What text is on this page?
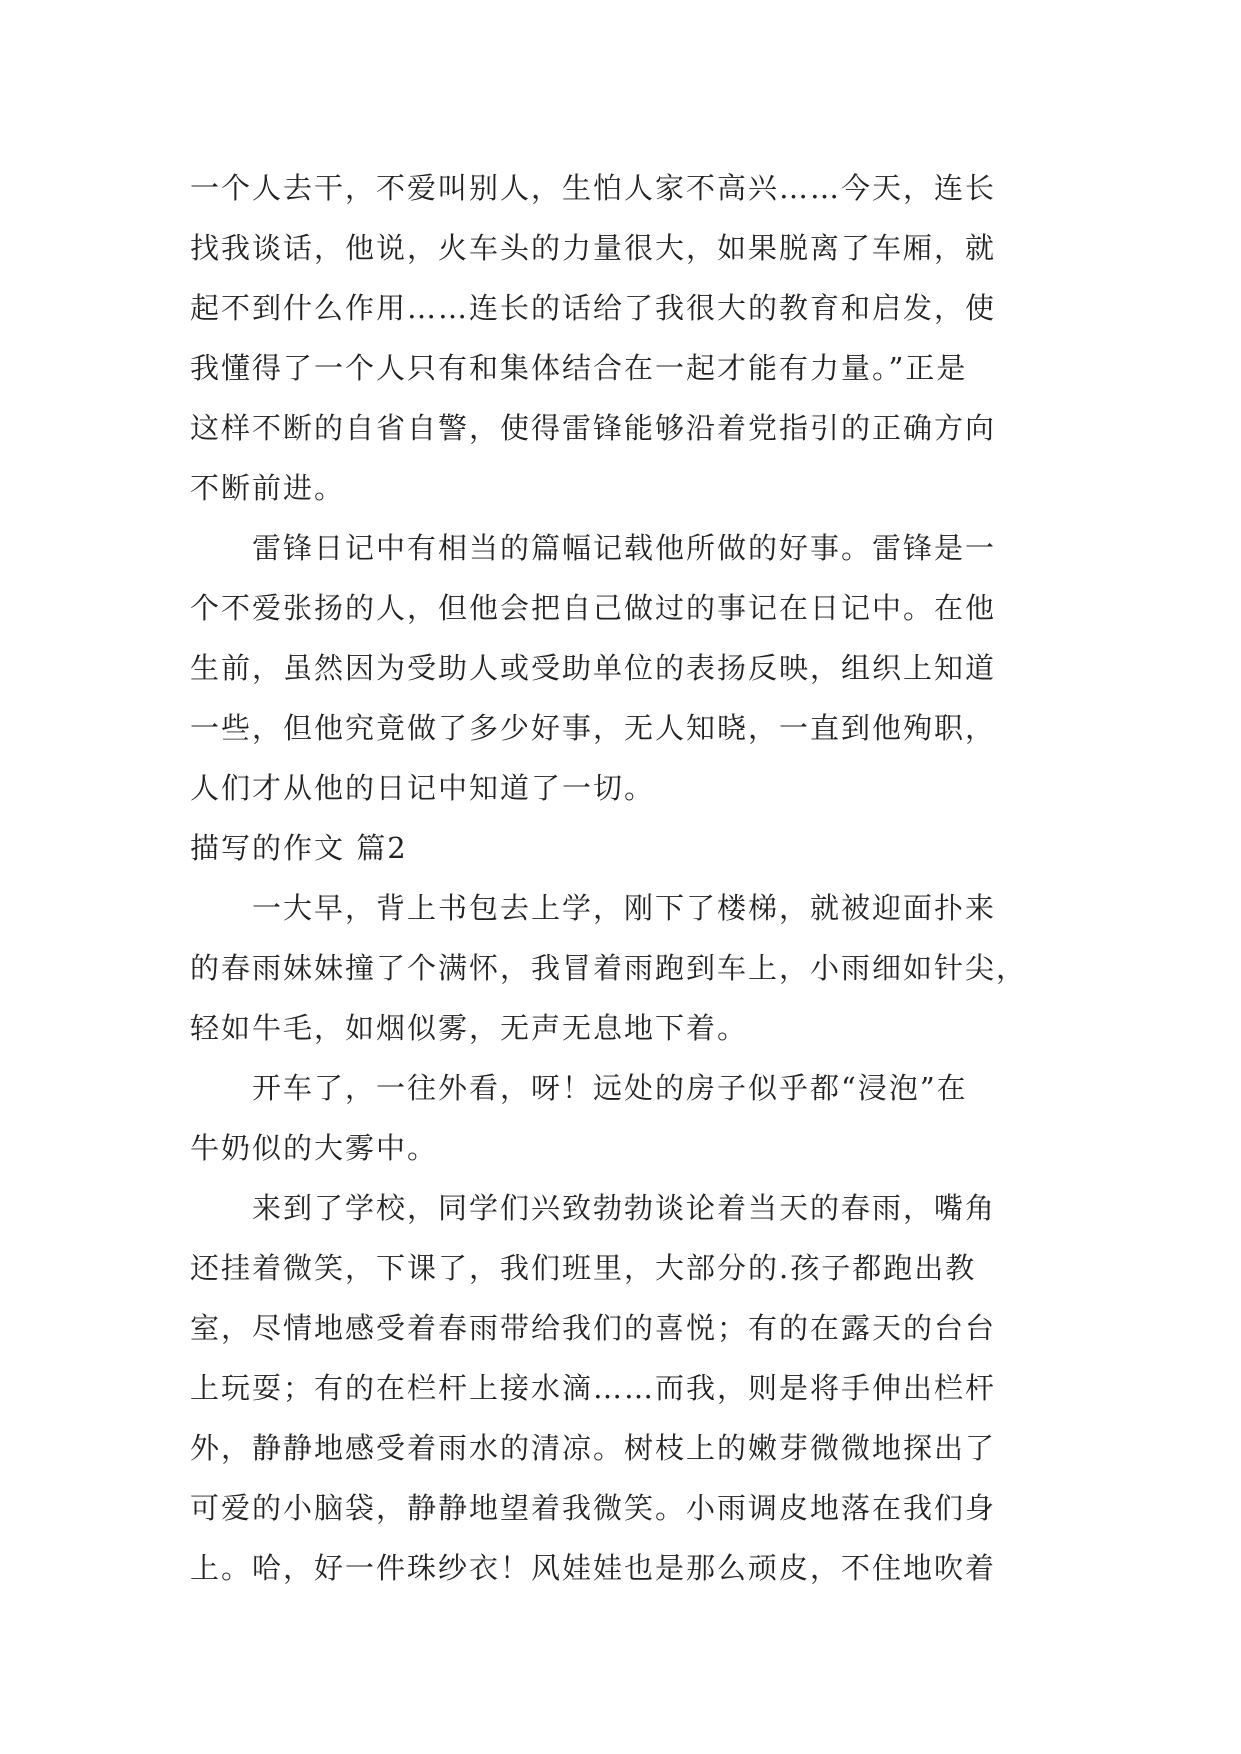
一个人去干，不爱叫别人，生怕人家不高兴……今天，连长
找我谈话，他说，火车头的力量很大，如果脱离了车厢，就
起不到什么作用……连长的话给了我很大的教育和启发，使
我懂得了一个人只有和集体结合在一起才能有力量。”正是
这样不断的自省自警，使得雷锋能够沿着党指引的正确方向
不断前进。
　　雷锋日记中有相当的篇幅记载他所做的好事。雷锋是一
个不爱张扬的人，但他会把自己做过的事记在日记中。在他
生前，虽然因为受助人或受助单位的表扬反映，组织上知道
一些，但他究竟做了多少好事，无人知晓，一直到他殉职，
人们才从他的日记中知道了一切。
描写的作文 篇2
　　一大早，背上书包去上学，刚下了楼梯，就被迎面扑来
的春雨妹妹撞了个满怀，我冒着雨跑到车上，小雨细如针尖，
轻如牛毛，如烟似雾，无声无息地下着。
　　开车了，一往外看，呀！远处的房子似乎都“浸泡”在
牛奶似的大雾中。
　　来到了学校，同学们兴致勃勃谈论着当天的春雨，嘴角
还挂着微笑，下课了，我们班里，大部分的.孩子都跑出教
室，尽情地感受着春雨带给我们的喜悦；有的在露天的台台
上玩耍；有的在栏杆上接水滴……而我，则是将手伸出栏杆
外，静静地感受着雨水的清凉。树枝上的嫩芽微微地探出了
可爱的小脑袋，静静地望着我微笑。小雨调皮地落在我们身
上。哈，好一件珠纱衣！风娃娃也是那么顽皮，不住地吹着
